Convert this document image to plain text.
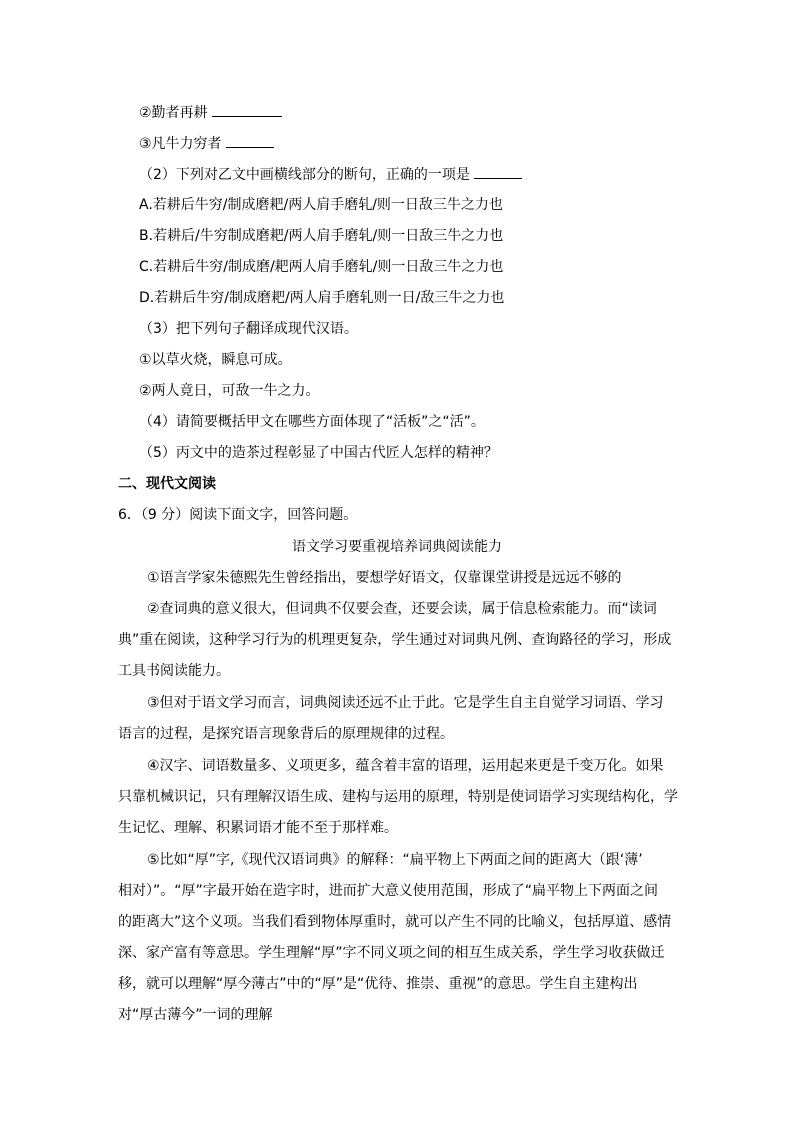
②勤者再耕
③凡牛力穷者
（2）下列对乙文中画横线部分的断句，正确的一项是
A.若耕后牛穷/制成磨耙/两人肩手磨轧/则一日敌三牛之力也
B.若耕后/牛穷制成磨耙/两人肩手磨轧/则一日敌三牛之力也
C.若耕后牛穷/制成磨/耙两人肩手磨轧/则一日敌三牛之力也
D.若耕后牛穷/制成磨耙/两人肩手磨轧则一日/敌三牛之力也
（3）把下列句子翻译成现代汉语。
①以草火烧，瞬息可成。
②两人竟日，可敌一牛之力。
（4）请简要概括甲文在哪些方面体现了“活板”之“活”。
（5）丙文中的造茶过程彰显了中国古代匠人怎样的精神？
二、现代文阅读
6．（9 分）阅读下面文字，回答问题。
语文学习要重视培养词典阅读能力
①语言学家朱德熙先生曾经指出，要想学好语文，仅靠课堂讲授是远远不够的
②查词典的意义很大，但词典不仅要会查，还要会读，属于信息检索能力。而“读词
典”重在阅读，这种学习行为的机理更复杂，学生通过对词典凡例、查询路径的学习，形成
工具书阅读能力。
③但对于语文学习而言，词典阅读还远不止于此。它是学生自主自觉学习词语、学习
语言的过程，是探究语言现象背后的原理规律的过程。
④汉字、词语数量多、义项更多，蕴含着丰富的语理，运用起来更是千变万化。如果
只靠机械识记，只有理解汉语生成、建构与运用的原理，特别是使词语学习实现结构化，学
生记忆、理解、积累词语才能不至于那样难。
⑤比如“厚”字,《现代汉语词典》的解释：“扁平物上下两面之间的距离大（跟‘薄’
相对）”。“厚”字最开始在造字时，进而扩大意义使用范围，形成了“扁平物上下两面之间
的距离大”这个义项。当我们看到物体厚重时，就可以产生不同的比喻义，包括厚道、感情
深、家产富有等意思。学生理解“厚”字不同义项之间的相互生成关系，学生学习收获做迁
移，就可以理解“厚今薄古”中的“厚”是“优待、推崇、重视”的意思。学生自主建构出
对“厚古薄今”一词的理解
